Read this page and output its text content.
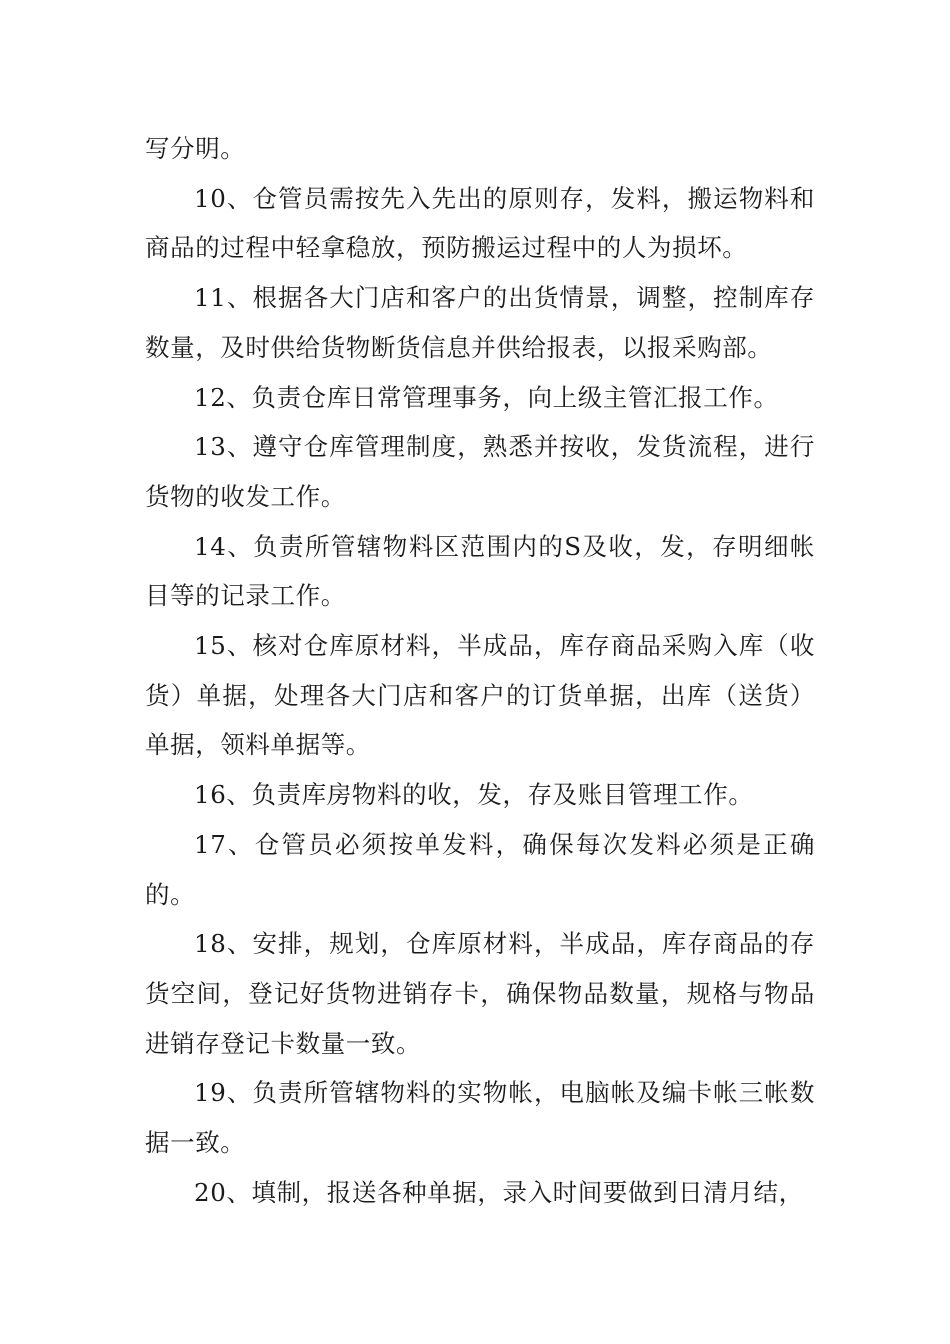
写分明。

10、仓管员需按先入先出的原则存，发料，搬运物料和商品的过程中轻拿稳放，预防搬运过程中的人为损坏。

11、根据各大门店和客户的出货情景，调整，控制库存数量，及时供给货物断货信息并供给报表，以报采购部。

12、负责仓库日常管理事务，向上级主管汇报工作。

13、遵守仓库管理制度，熟悉并按收，发货流程，进行货物的收发工作。

14、负责所管辖物料区范围内的S及收，发，存明细帐目等的记录工作。

15、核对仓库原材料，半成品，库存商品采购入库（收货）单据，处理各大门店和客户的订货单据，出库（送货）单据，领料单据等。

16、负责库房物料的收，发，存及账目管理工作。

17、仓管员必须按单发料，确保每次发料必须是正确的。

18、安排，规划，仓库原材料，半成品，库存商品的存货空间，登记好货物进销存卡，确保物品数量，规格与物品进销存登记卡数量一致。

19、负责所管辖物料的实物帐，电脑帐及编卡帐三帐数据一致。

20、填制，报送各种单据，录入时间要做到日清月结，
